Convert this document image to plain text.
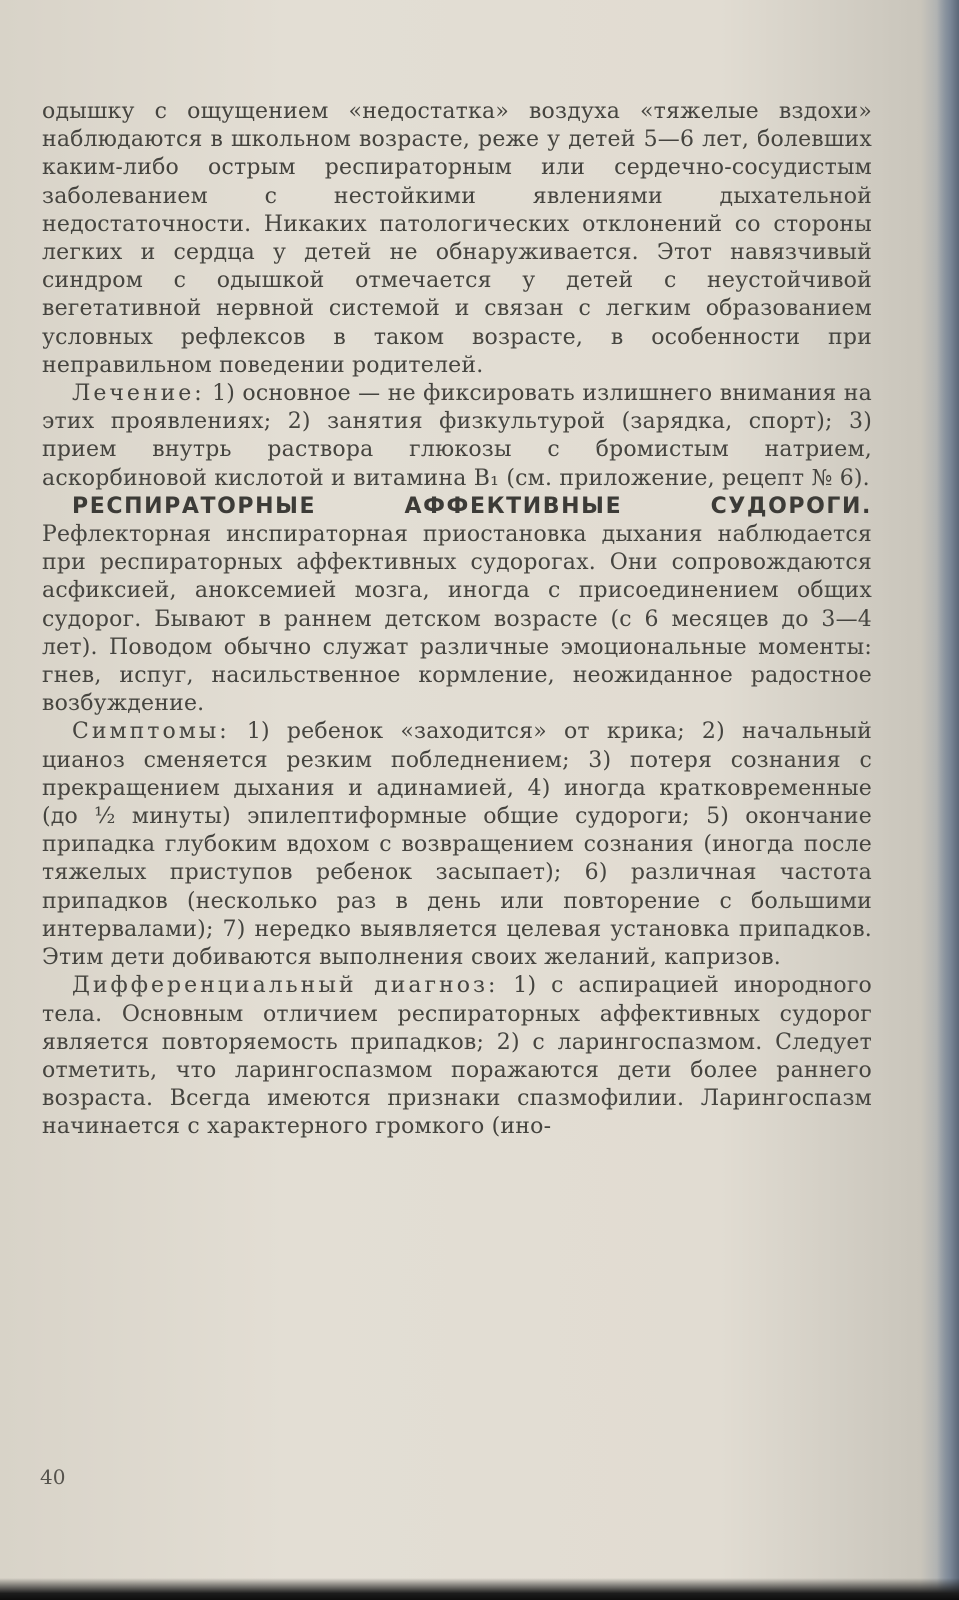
одышку с ощущением «недостатка» воздуха «тяжелые вздохи» наблюдаются в школьном возрасте, реже у детей 5—6 лет, болевших каким-либо острым респираторным или сердечно-сосудистым заболеванием с нестойкими явлениями дыхательной недостаточности. Никаких патологических отклонений со стороны легких и сердца у детей не обнаруживается. Этот навязчивый синдром с одышкой отмечается у детей с неустойчивой вегетативной нервной системой и связан с легким образованием условных рефлексов в таком возрасте, в особенности при неправильном поведении родителей.

Лечение: 1) основное — не фиксировать излишнего внимания на этих проявлениях; 2) занятия физкультурой (зарядка, спорт); 3) прием внутрь раствора глюкозы с бромистым натрием, аскорбиновой кислотой и витамина B₁ (см. приложение, рецепт № 6).

РЕСПИРАТОРНЫЕ АФФЕКТИВНЫЕ СУДОРОГИ. Рефлекторная инспираторная приостановка дыхания наблюдается при респираторных аффективных судорогах. Они сопровождаются асфиксией, аноксемией мозга, иногда с присоединением общих судорог. Бывают в раннем детском возрасте (с 6 месяцев до 3—4 лет). Поводом обычно служат различные эмоциональные моменты: гнев, испуг, насильственное кормление, неожиданное радостное возбуждение.

Симптомы: 1) ребенок «заходится» от крика; 2) начальный цианоз сменяется резким побледнением; 3) потеря сознания с прекращением дыхания и адинамией, 4) иногда кратковременные (до ½ минуты) эпилептиформные общие судороги; 5) окончание припадка глубоким вдохом с возвращением сознания (иногда после тяжелых приступов ребенок засыпает); 6) различная частота припадков (несколько раз в день или повторение с большими интервалами); 7) нередко выявляется целевая установка припадков. Этим дети добиваются выполнения своих желаний, капризов.

Дифференциальный диагноз: 1) с аспирацией инородного тела. Основным отличием респираторных аффективных судорог является повторяемость припадков; 2) с ларингоспазмом. Следует отметить, что ларингоспазмом поражаются дети более раннего возраста. Всегда имеются признаки спазмофилии. Ларингоспазм начинается с характерного громкого (ино-

40
